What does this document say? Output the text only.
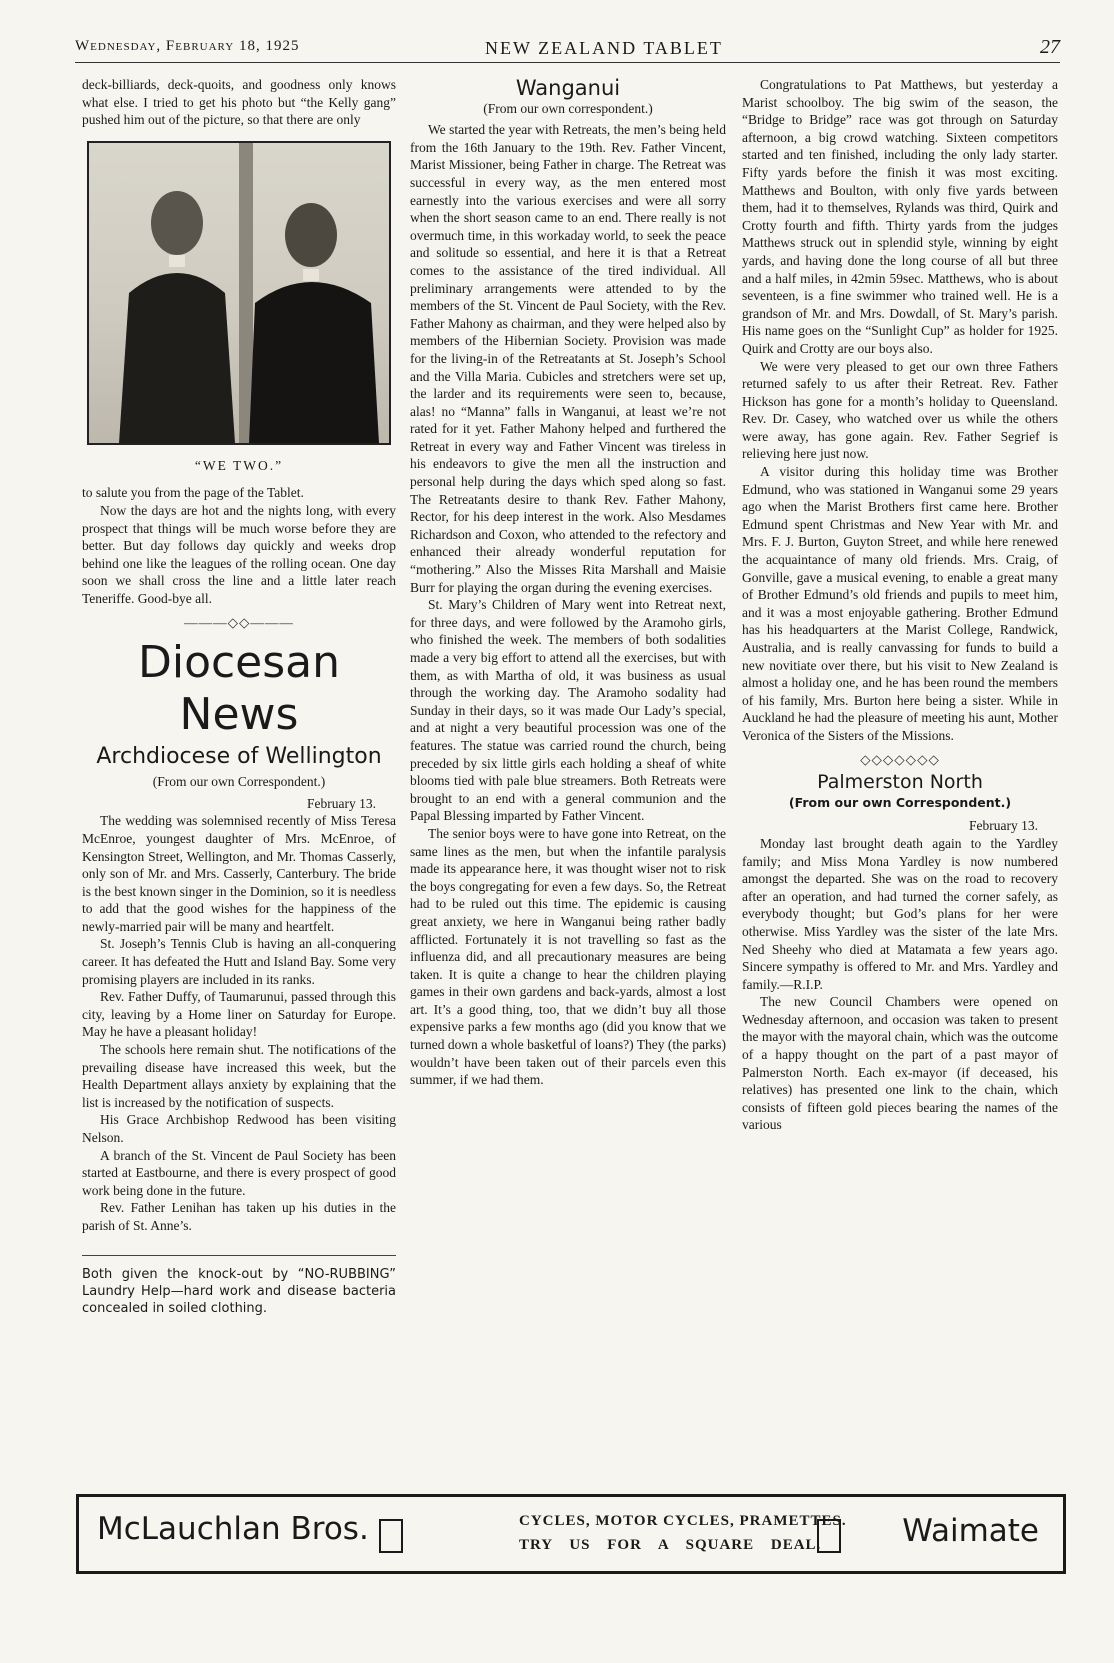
Wednesday, February 18, 1925	NEW ZEALAND TABLET	27

deck-billiards, deck-quoits, and goodness only knows what else. I tried to get his photo but “the Kelly gang” pushed him out of the picture, so that there are only

“WE TWO.”

to salute you from the page of the Tablet.

Now the days are hot and the nights long, with every prospect that things will be much worse before they are better. But day follows day quickly and weeks drop behind one like the leagues of the rolling ocean. One day soon we shall cross the line and a little later reach Teneriffe. Good-bye all.

———◇◇———
Diocesan News
Archdiocese of Wellington
(From our own Correspondent.)
February 13.

The wedding was solemnised recently of Miss Teresa McEnroe, youngest daughter of Mrs. McEnroe, of Kensington Street, Wellington, and Mr. Thomas Casserly, only son of Mr. and Mrs. Casserly, Canterbury. The bride is the best known singer in the Dominion, so it is needless to add that the good wishes for the happiness of the newly-married pair will be many and heartfelt.

St. Joseph’s Tennis Club is having an all-conquering career. It has defeated the Hutt and Island Bay. Some very promising players are included in its ranks.

Rev. Father Duffy, of Taumarunui, passed through this city, leaving by a Home liner on Saturday for Europe. May he have a pleasant holiday!

The schools here remain shut. The notifications of the prevailing disease have increased this week, but the Health Department allays anxiety by explaining that the list is increased by the notification of suspects.

His Grace Archbishop Redwood has been visiting Nelson.

A branch of the St. Vincent de Paul Society has been started at Eastbourne, and there is every prospect of good work being done in the future.

Rev. Father Lenihan has taken up his duties in the parish of St. Anne’s.

Both given the knock-out by “NO-RUBBING” Laundry Help—hard work and disease bacteria concealed in soiled clothing.
Wanganui
(From our own correspondent.)

We started the year with Retreats, the men’s being held from the 16th January to the 19th. Rev. Father Vincent, Marist Missioner, being Father in charge. The Retreat was successful in every way, as the men entered most earnestly into the various exercises and were all sorry when the short season came to an end. There really is not overmuch time, in this workaday world, to seek the peace and solitude so essential, and here it is that a Retreat comes to the assistance of the tired individual. All preliminary arrangements were attended to by the members of the St. Vincent de Paul Society, with the Rev. Father Mahony as chairman, and they were helped also by members of the Hibernian Society. Provision was made for the living-in of the Retreatants at St. Joseph’s School and the Villa Maria. Cubicles and stretchers were set up, the larder and its requirements were seen to, because, alas! no “Manna” falls in Wanganui, at least we’re not rated for it yet. Father Mahony helped and furthered the Retreat in every way and Father Vincent was tireless in his endeavors to give the men all the instruction and personal help during the days which sped along so fast. The Retreatants desire to thank Rev. Father Mahony, Rector, for his deep interest in the work. Also Mesdames Richardson and Coxon, who attended to the refectory and enhanced their already wonderful reputation for “mothering.” Also the Misses Rita Marshall and Maisie Burr for playing the organ during the evening exercises.

St. Mary’s Children of Mary went into Retreat next, for three days, and were followed by the Aramoho girls, who finished the week. The members of both sodalities made a very big effort to attend all the exercises, but with them, as with Martha of old, it was business as usual through the working day. The Aramoho sodality had Sunday in their days, so it was made Our Lady’s special, and at night a very beautiful procession was one of the features. The statue was carried round the church, being preceded by six little girls each holding a sheaf of white blooms tied with pale blue streamers. Both Retreats were brought to an end with a general communion and the Papal Blessing imparted by Father Vincent.

The senior boys were to have gone into Retreat, on the same lines as the men, but when the infantile paralysis made its appearance here, it was thought wiser not to risk the boys congregating for even a few days. So, the Retreat had to be ruled out this time. The epidemic is causing great anxiety, we here in Wanganui being rather badly afflicted. Fortunately it is not travelling so fast as the influenza did, and all precautionary measures are being taken. It is quite a change to hear the children playing games in their own gardens and back-yards, almost a lost art. It’s a good thing, too, that we didn’t buy all those expensive parks a few months ago (did you know that we turned down a whole basketful of loans?) They (the parks) wouldn’t have been taken out of their parcels even this summer, if we had them.

Congratulations to Pat Matthews, but yesterday a Marist schoolboy. The big swim of the season, the “Bridge to Bridge” race was got through on Saturday afternoon, a big crowd watching. Sixteen competitors started and ten finished, including the only lady starter. Fifty yards before the finish it was most exciting. Matthews and Boulton, with only five yards between them, had it to themselves, Rylands was third, Quirk and Crotty fourth and fifth. Thirty yards from the judges Matthews struck out in splendid style, winning by eight yards, and having done the long course of all but three and a half miles, in 42min 59sec. Matthews, who is about seventeen, is a fine swimmer who trained well. He is a grandson of Mr. and Mrs. Dowdall, of St. Mary’s parish. His name goes on the “Sunlight Cup” as holder for 1925. Quirk and Crotty are our boys also.

We were very pleased to get our own three Fathers returned safely to us after their Retreat. Rev. Father Hickson has gone for a month’s holiday to Queensland. Rev. Dr. Casey, who watched over us while the others were away, has gone again. Rev. Father Segrief is relieving here just now.

A visitor during this holiday time was Brother Edmund, who was stationed in Wanganui some 29 years ago when the Marist Brothers first came here. Brother Edmund spent Christmas and New Year with Mr. and Mrs. F. J. Burton, Guyton Street, and while here renewed the acquaintance of many old friends. Mrs. Craig, of Gonville, gave a musical evening, to enable a great many of Brother Edmund’s old friends and pupils to meet him, and it was a most enjoyable gathering. Brother Edmund has his headquarters at the Marist College, Randwick, Australia, and is really canvassing for funds to build a new novitiate over there, but his visit to New Zealand is almost a holiday one, and he has been round the members of his family, Mrs. Burton here being a sister. While in Auckland he had the pleasure of meeting his aunt, Mother Veronica of the Sisters of the Missions.

◇◇◇◇◇◇◇
Palmerston North
(From our own Correspondent.)
February 13.

Monday last brought death again to the Yardley family; and Miss Mona Yardley is now numbered amongst the departed. She was on the road to recovery after an operation, and had turned the corner safely, as everybody thought; but God’s plans for her were otherwise. Miss Yardley was the sister of the late Mrs. Ned Sheehy who died at Matamata a few years ago. Sincere sympathy is offered to Mr. and Mrs. Yardley and family.—R.I.P.

The new Council Chambers were opened on Wednesday afternoon, and occasion was taken to present the mayor with the mayoral chain, which was the outcome of a happy thought on the part of a past mayor of Palmerston North. Each ex-mayor (if deceased, his relatives) has presented one link to the chain, which consists of fifteen gold pieces bearing the names of the various

McLauchlan Bros.	CYCLES, MOTOR CYCLES, PRAMETTES.
TRY US FOR A SQUARE DEAL.	Waimate
